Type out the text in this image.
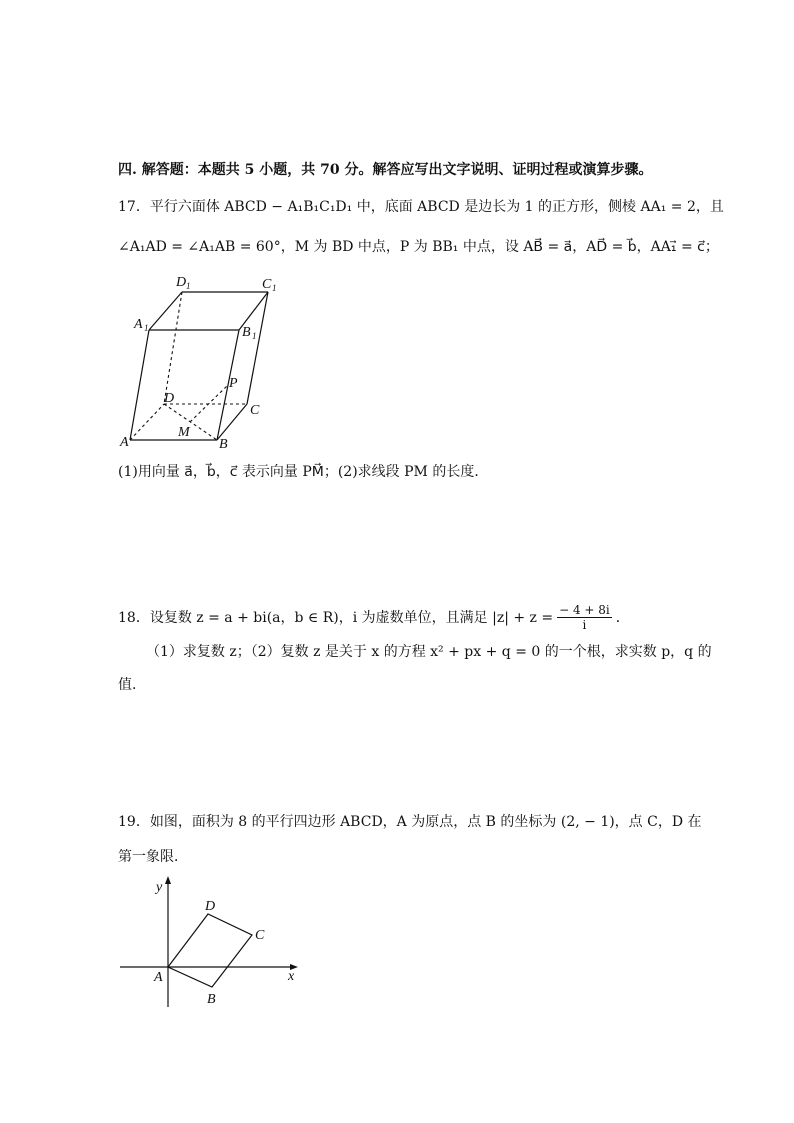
四. 解答题：本题共 5 小题，共 70 分。解答应写出文字说明、证明过程或演算步骤。
17．平行六面体 ABCD − A₁B₁C₁D₁ 中，底面 ABCD 是边长为 1 的正方形，侧棱 AA₁ = 2，且
∠A₁AD = ∠A₁AB = 60°，M 为 BD 中点，P 为 BB₁ 中点，设 AB⃗ = a⃗，AD⃗ = b⃗，AA₁⃗ = c⃗；
D 1	C 1
A 1	B 1
P
D
C
M
A	B
(1)用向量 a⃗，b⃗，c⃗ 表示向量 PM⃗；(2)求线段 PM 的长度．
18．设复数 z = a + bi(a，b ∈ R)，i 为虚数单位，且满足 $|z| + z = \frac{- 4 + 8i}{i}$ ．
（1）求复数 z；（2）复数 z 是关于 x 的方程 x² + px + q = 0 的一个根，求实数 p，q 的
值．
19．如图，面积为 8 的平行四边形 ABCD，A 为原点，点 B 的坐标为 (2, − 1)，点 C，D 在
第一象限．
y
x
A
B
C
D
